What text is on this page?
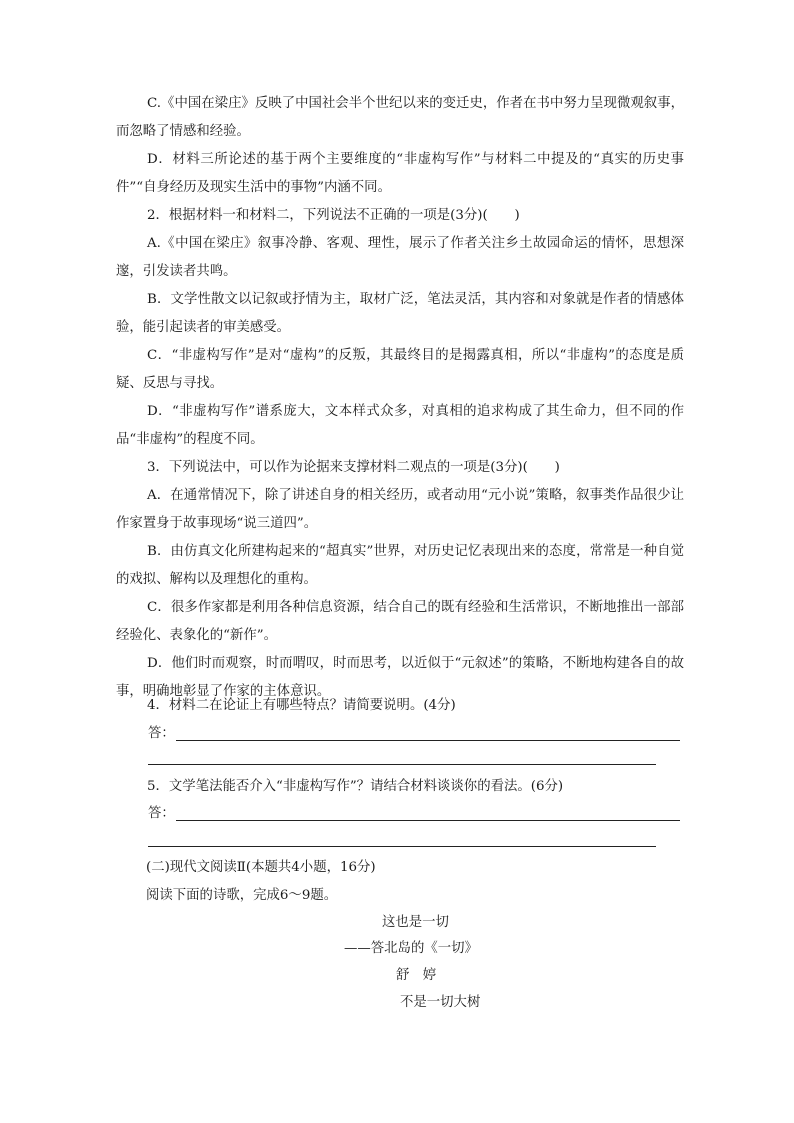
C.《中国在梁庄》反映了中国社会半个世纪以来的变迁史，作者在书中努力呈现微观叙事，而忽略了情感和经验。

D．材料三所论述的基于两个主要维度的“非虚构写作”与材料二中提及的“真实的历史事件”“自身经历及现实生活中的事物”内涵不同。

2．根据材料一和材料二，下列说法不正确的一项是(3分)(　　)

A.《中国在梁庄》叙事冷静、客观、理性，展示了作者关注乡土故园命运的情怀，思想深邃，引发读者共鸣。

B．文学性散文以记叙或抒情为主，取材广泛，笔法灵活，其内容和对象就是作者的情感体验，能引起读者的审美感受。

C．“非虚构写作”是对“虚构”的反叛，其最终目的是揭露真相，所以“非虚构”的态度是质疑、反思与寻找。

D．“非虚构写作”谱系庞大，文本样式众多，对真相的追求构成了其生命力，但不同的作品“非虚构”的程度不同。

3．下列说法中，可以作为论据来支撑材料二观点的一项是(3分)(　　)

A．在通常情况下，除了讲述自身的相关经历，或者动用“元小说”策略，叙事类作品很少让作家置身于故事现场“说三道四”。

B．由仿真文化所建构起来的“超真实”世界，对历史记忆表现出来的态度，常常是一种自觉的戏拟、解构以及理想化的重构。

C．很多作家都是利用各种信息资源，结合自己的既有经验和生活常识，不断地推出一部部经验化、表象化的“新作”。

D．他们时而观察，时而喟叹，时而思考，以近似于“元叙述”的策略，不断地构建各自的故事，明确地彰显了作家的主体意识。

4．材料二在论证上有哪些特点？请简要说明。(4分)

答：

5．文学笔法能否介入“非虚构写作”？请结合材料谈谈你的看法。(6分)

答：

(二)现代文阅读Ⅱ(本题共4小题，16分)

阅读下面的诗歌，完成6～9题。

这也是一切

——答北岛的《一切》

舒　婷

不是一切大树
